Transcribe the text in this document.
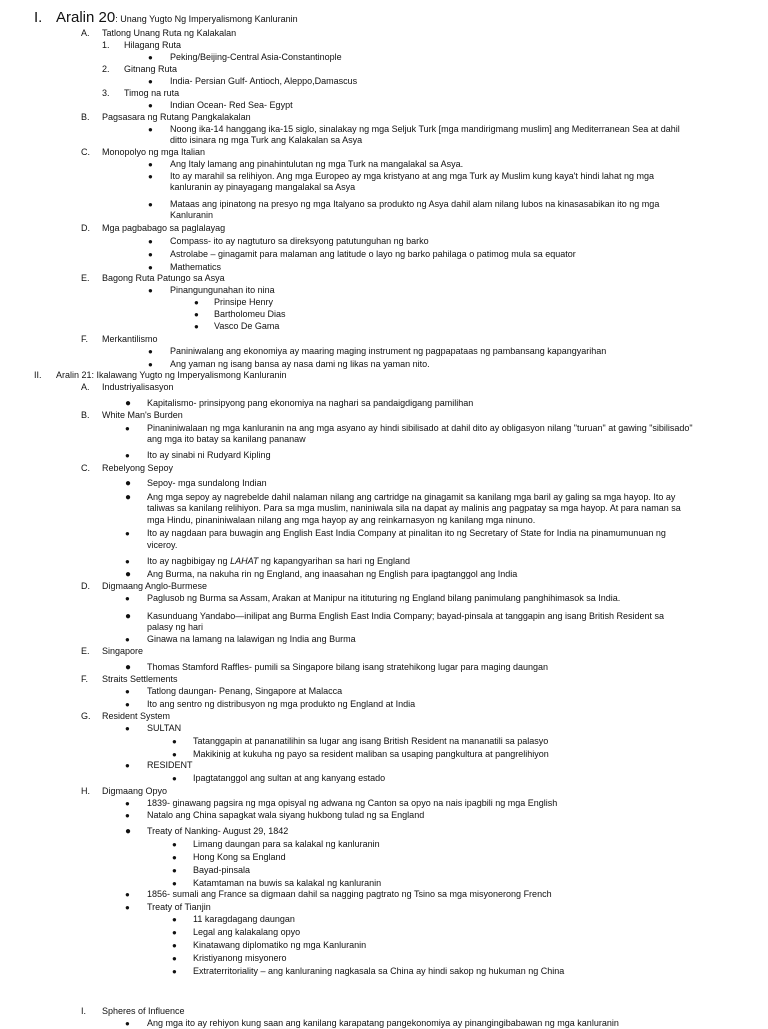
I. Aralin 20: Unang Yugto Ng Imperyalismong Kanluranin
A. Tatlong Unang Ruta ng Kalakalan
1. Hilagang Ruta
● Peking/Beijing-Central Asia-Constantinople
2. Gitnang Ruta
● India- Persian Gulf- Antioch, Aleppo,Damascus
3. Timog na ruta
● Indian Ocean- Red Sea- Egypt
B. Pagsasara ng Rutang Pangkalakalan
● Noong ika-14 hanggang ika-15 siglo, sinalakay ng mga Seljuk Turk [mga mandirigmang muslim] ang Mediterranean Sea at dahil
ditto isinara ng mga Turk ang Kalakalan sa Asya
C. Monopolyo ng mga Italian
● Ang Italy lamang ang pinahintulutan ng mga Turk na mangalakal sa Asya.
● Ito ay marahil sa relihiyon. Ang mga Europeo ay mga kristyano at ang mga Turk ay Muslim kung kaya't hindi lahat ng mga
kanluranin ay pinayagang mangalakal sa Asya
● Mataas ang ipinatong na presyo ng mga Italyano sa produkto ng Asya dahil alam nilang lubos na kinasasabikan ito ng mga
Kanluranin
D. Mga pagbabago sa paglalayag
● Compass- ito ay nagtuturo sa direksyong patutunguhan ng barko
● Astrolabe – ginagamit para malaman ang latitude o layo ng barko pahilaga o patimog mula sa equator
● Mathematics
E. Bagong Ruta Patungo sa Asya
● Pinangungunahan ito nina
● Prinsipe Henry
● Bartholomeu Dias
● Vasco De Gama
F. Merkantilismo
● Paniniwalang ang ekonomiya ay maaring maging instrument ng pagpapataas ng pambansang kapangyarihan
● Ang yaman ng isang bansa ay nasa dami ng likas na yaman nito.
II. Aralin 21: Ikalawang Yugto ng Imperyalismong Kanluranin
A. Industriyalisasyon
● Kapitalismo- prinsipyong pang ekonomiya na naghari sa pandaigdigang pamilihan
B. White Man's Burden
● Pinaniniwalaan ng mga kanluranin na ang mga asyano ay hindi sibilisado at dahil dito ay obligasyon nilang "turuan" at gawing "sibilisado"
ang mga ito batay sa kanilang pananaw
● Ito ay sinabi ni Rudyard Kipling
C. Rebelyong Sepoy
● Sepoy- mga sundalong Indian
● Ang mga sepoy ay nagrebelde dahil nalaman nilang ang cartridge na ginagamit sa kanilang mga baril ay galing sa mga hayop. Ito ay
taliwas sa kanilang relihiyon. Para sa mga muslim, naniniwala sila na dapat ay malinis ang pagpatay sa mga hayop. At para naman sa
mga Hindu, pinaniniwalaan nilang ang mga hayop ay ang reinkarnasyon ng kanilang mga ninuno.
● Ito ay nagdaan para buwagin ang English East India Company at pinalitan ito ng Secretary of State for India na pinamumunuan ng
viceroy.
● Ito ay nagbibigay ng LAHAT ng kapangyarihan sa hari ng England
● Ang Burma, na nakuha rin ng England, ang inaasahan ng English para ipagtanggol ang India
D. Digmaang Anglo-Burmese
● Paglusob ng Burma sa Assam, Arakan at Manipur na itituturing ng England bilang panimulang panghihimasok sa India.
● Kasunduang Yandabo—inilipat ang Burma English East India Company; bayad-pinsala at tanggapin ang isang British Resident sa
palasy ng hari
● Ginawa na lamang na lalawigan ng India ang Burma
E. Singapore
● Thomas Stamford Raffles- pumili sa Singapore bilang isang stratehikong lugar para maging daungan
F. Straits Settlements
● Tatlong daungan- Penang, Singapore at Malacca
● Ito ang sentro ng distribusyon ng mga produkto ng England at India
G. Resident System
● SULTAN
● Tatanggapin at pananatilihin sa lugar ang isang British Resident na mananatili sa palasyo
● Makikinig at kukuha ng payo sa resident maliban sa usaping pangkultura at pangrelihiyon
● RESIDENT
● Ipagtatanggol ang sultan at ang kanyang estado
H. Digmaang Opyo
● 1839- ginawang pagsira ng mga opisyal ng adwana ng Canton sa opyo na nais ipagbili ng mga English
● Natalo ang China sapagkat wala siyang hukbong tulad ng sa England
● Treaty of Nanking- August 29, 1842
● Limang daungan para sa kalakal ng kanluranin
● Hong Kong sa England
● Bayad-pinsala
● Katamtaman na buwis sa kalakal ng kanluranin
● 1856- sumali ang France sa digmaan dahil sa nagging pagtrato ng Tsino sa mga misyonerong French
● Treaty of Tianjin
● 11 karagdagang daungan
● Legal ang kalakalang opyo
● Kinatawang diplomatiko ng mga Kanluranin
● Kristiyanong misyonero
● Extraterritoriality – ang kanluraning nagkasala sa China ay hindi sakop ng hukuman ng China
I. Spheres of Influence
● Ang mga ito ay rehiyon kung saan ang kanilang karapatang pangekonomiya ay pinangingibabawan ng mga kanluranin
